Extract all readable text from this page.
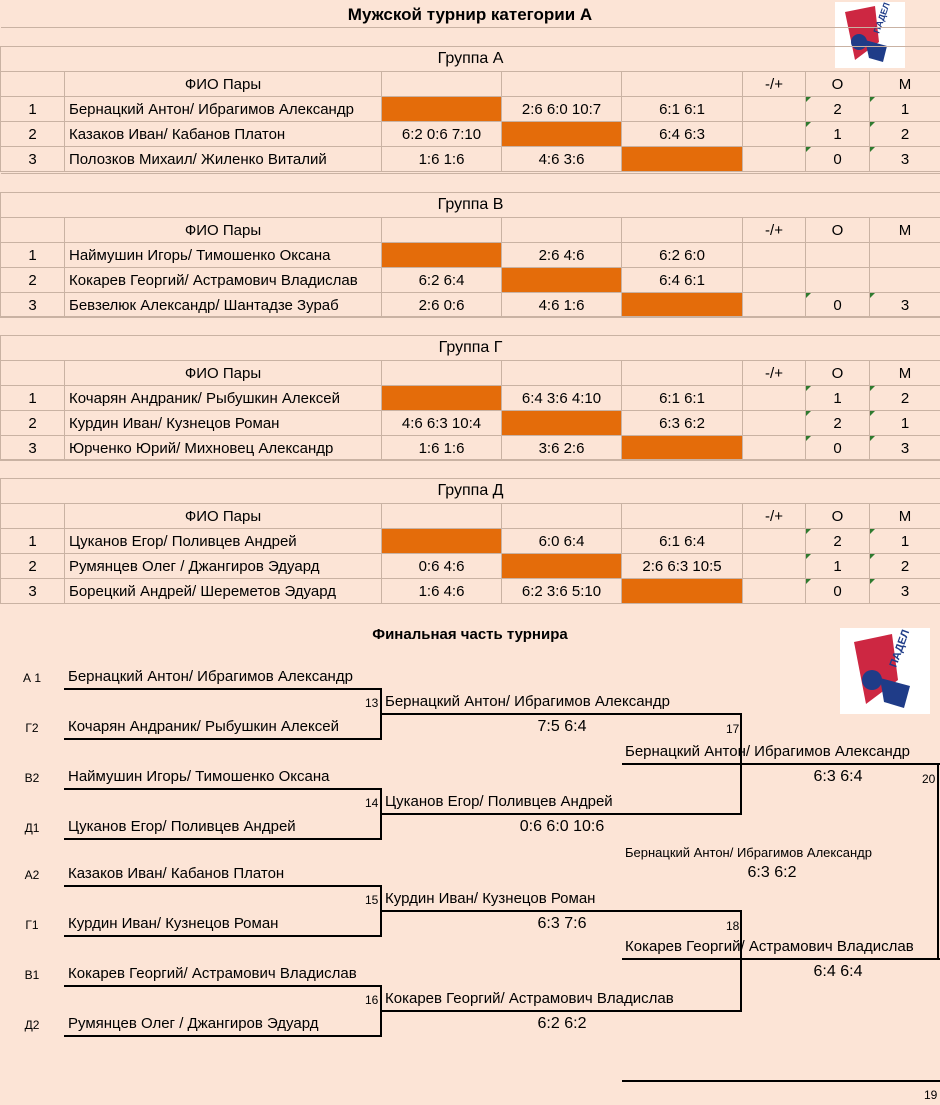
Мужской турнир категории А	ПАДЕЛ

Группа А							
	ФИО Пары				-/+	О	М
1	Бернацкий Антон/ Ибрагимов Александр		2:6 6:0 10:7	6:1 6:1		2	1
2	Казаков Иван/ Кабанов Платон	6:2 0:6 7:10		6:4 6:3		1	2
3	Полозков Михаил/ Жиленко Виталий	1:6 1:6	4:6 3:6			0	3

Группа В							
	ФИО Пары				-/+	О	М
1	Наймушин Игорь/ Тимошенко Оксана		2:6 4:6	6:2 6:0			
2	Кокарев Георгий/ Астрамович Владислав	6:2 6:4		6:4 6:1			
3	Бевзелюк Александр/ Шантадзе Зураб	2:6 0:6	4:6 1:6			0	3

Группа Г							
	ФИО Пары				-/+	О	М
1	Кочарян Андраник/ Рыбушкин Алексей		6:4 3:6 4:10	6:1 6:1		1	2
2	Курдин Иван/ Кузнецов Роман	4:6 6:3 10:4		6:3 6:2		2	1
3	Юрченко Юрий/ Михновец Александр	1:6 1:6	3:6 2:6			0	3

Группа Д							
	ФИО Пары				-/+	О	М
1	Цуканов Егор/ Поливцев Андрей		6:0 6:4	6:1 6:4		2	1
2	Румянцев Олег / Джангиров Эдуард	0:6 4:6		2:6 6:3 10:5		1	2
3	Борецкий Андрей/ Шереметов Эдуард	1:6 4:6	6:2 3:6 5:10			0	3
Финальная часть турнира	ПАДЕЛ
А 1	Бернацкий Антон/ Ибрагимов Александр
Г2	Кочарян Андраник/ Рыбушкин Алексей
В2	Наймушин Игорь/ Тимошенко Оксана
Д1	Цуканов Егор/ Поливцев Андрей
А2	Казаков Иван/ Кабанов Платон
Г1	Курдин Иван/ Кузнецов Роман
В1	Кокарев Георгий/ Астрамович Владислав
Д2	Румянцев Олег / Джангиров Эдуард
13 Бернацкий Антон/ Ибрагимов Александр
7:5 6:4
14 Цуканов Егор/ Поливцев Андрей
0:6 6:0 10:6
15 Курдин Иван/ Кузнецов Роман
6:3 7:6
16 Кокарев Георгий/ Астрамович Владислав
6:2 6:2
17
Бернацкий Антон/ Ибрагимов Александр
6:3 6:4
18
Кокарев Георгий/ Астрамович Владислав
6:4 6:4
20
Бернацкий Антон/ Ибрагимов Александр
6:3 6:2
19
